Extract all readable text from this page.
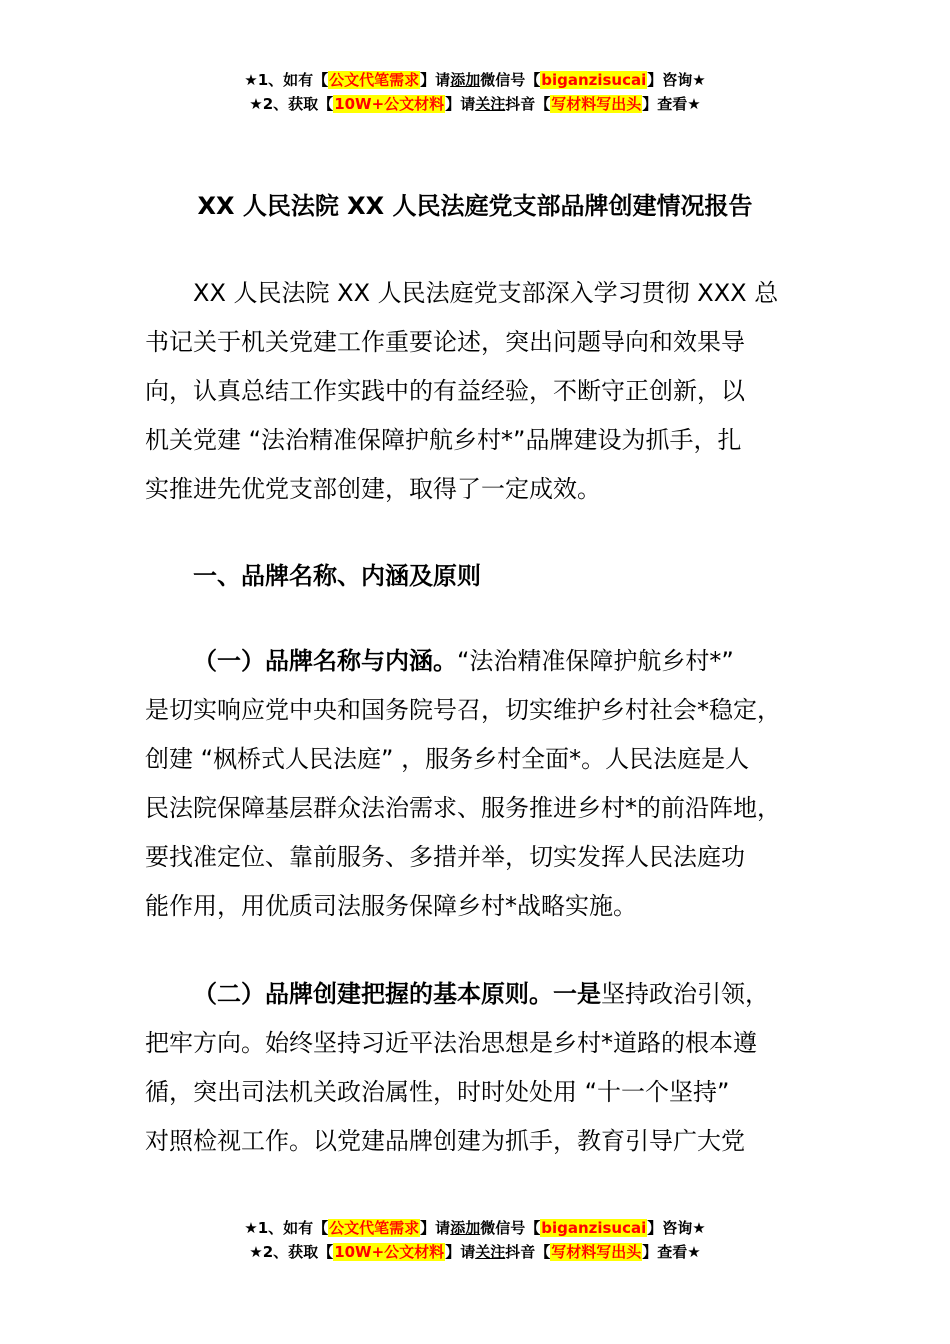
★1、如有【公文代笔需求】请添加微信号【biganzisucai】咨询★
★2、获取【10W+公文材料】请关注抖音【写材料写出头】查看★
XX 人民法院 XX 人民法庭党支部品牌创建情况报告
XX 人民法院 XX 人民法庭党支部深入学习贯彻 XXX 总
书记关于机关党建工作重要论述，突出问题导向和效果导
向，认真总结工作实践中的有益经验，不断守正创新，以
机关党建 “法治精准保障护航乡村*”品牌建设为抓手，扎
实推进先优党支部创建，取得了一定成效。
一、品牌名称、内涵及原则
（一）品牌名称与内涵。“法治精准保障护航乡村*”
是切实响应党中央和国务院号召，切实维护乡村社会*稳定，
创建 “枫桥式人民法庭” ，服务乡村全面*。人民法庭是人
民法院保障基层群众法治需求、服务推进乡村*的前沿阵地，
要找准定位、靠前服务、多措并举，切实发挥人民法庭功
能作用，用优质司法服务保障乡村*战略实施。
（二）品牌创建把握的基本原则。一是坚持政治引领，
把牢方向。始终坚持习近平法治思想是乡村*道路的根本遵
循，突出司法机关政治属性，时时处处用 “十一个坚持”
对照检视工作。以党建品牌创建为抓手，教育引导广大党
★1、如有【公文代笔需求】请添加微信号【biganzisucai】咨询★
★2、获取【10W+公文材料】请关注抖音【写材料写出头】查看★
